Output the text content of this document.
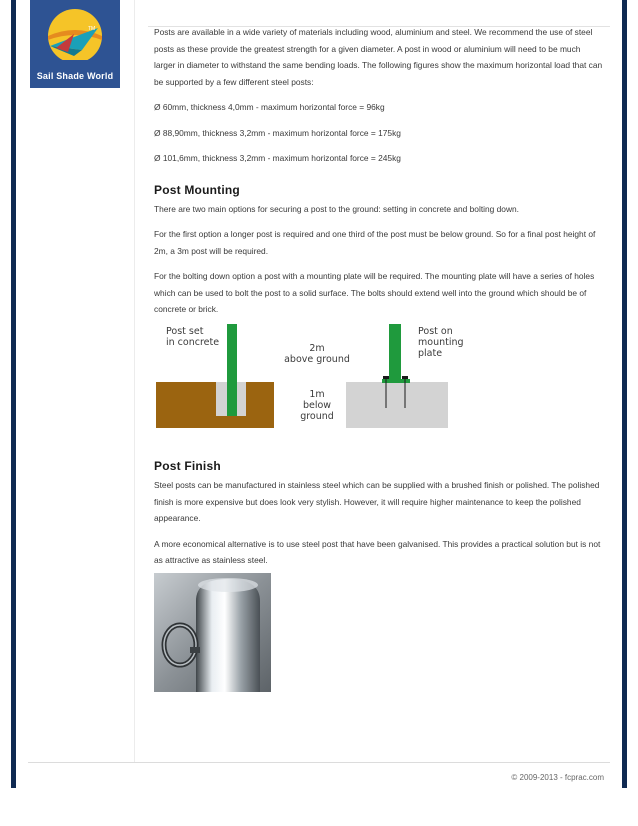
TM
Sail Shade World

Posts are available in a wide variety of materials including wood, aluminium and steel. We recommend the use of steel posts as these provide the greatest strength for a given diameter. A post in wood or aluminium will need to be much larger in diameter to withstand the same bending loads. The following figures show the maximum horizontal load that can be supported by a few different steel posts:

Ø 60mm, thickness 4,0mm - maximum horizontal force = 96kg

Ø 88,90mm, thickness 3,2mm - maximum horizontal force = 175kg

Ø 101,6mm, thickness 3,2mm - maximum horizontal force = 245kg

Post Mounting

There are two main options for securing a post to the ground: setting in concrete and bolting down.

For the first option a longer post is required and one third of the post must be below ground. So for a final post height of 2m, a 3m post will be required.

For the bolting down option a post with a mounting plate will be required. The mounting plate will have a series of holes which can be used to bolt the post to a solid surface. The bolts should extend well into the ground which should be of concrete or brick.

Post set
in concrete
Post on
mounting
plate
2m
above ground
1m
below
ground
Post Finish

Steel posts can be manufactured in stainless steel which can be supplied with a brushed finish or polished. The polished finish is more expensive but does look very stylish. However, it will require higher maintenance to keep the polished appearance.

A more economical alternative is to use steel post that have been galvanised. This provides a practical solution but is not as attractive as stainless steel.

© 2009-2013 - fcprac.com
